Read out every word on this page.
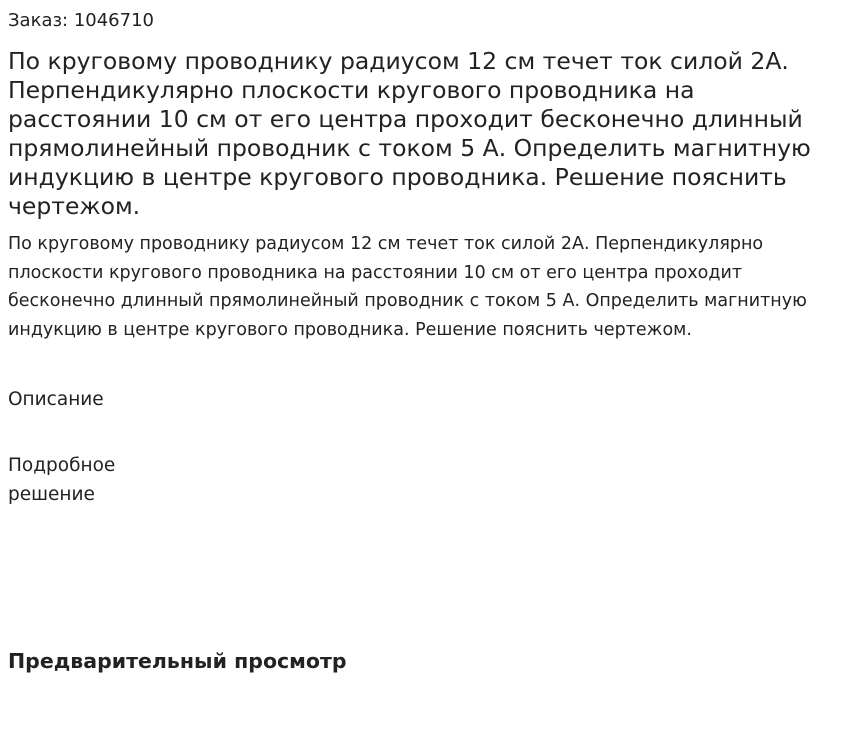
Заказ: 1046710
По круговому проводнику радиусом 12 см течет ток силой 2А. Перпендикулярно плоскости кругового проводника на расстоянии 10 см от его центра проходит бесконечно длинный прямолинейный проводник с током 5 А. Определить магнитную индукцию в центре кругового проводника. Решение пояснить чертежом.

По круговому проводнику радиусом 12 см течет ток силой 2А. Перпендикулярно плоскости кругового проводника на расстоянии 10 см от его центра проходит бесконечно длинный прямолинейный проводник с током 5 А. Определить магнитную индукцию в центре кругового проводника. Решение пояснить чертежом.

Описание
Подробное решение
Предварительный просмотр
